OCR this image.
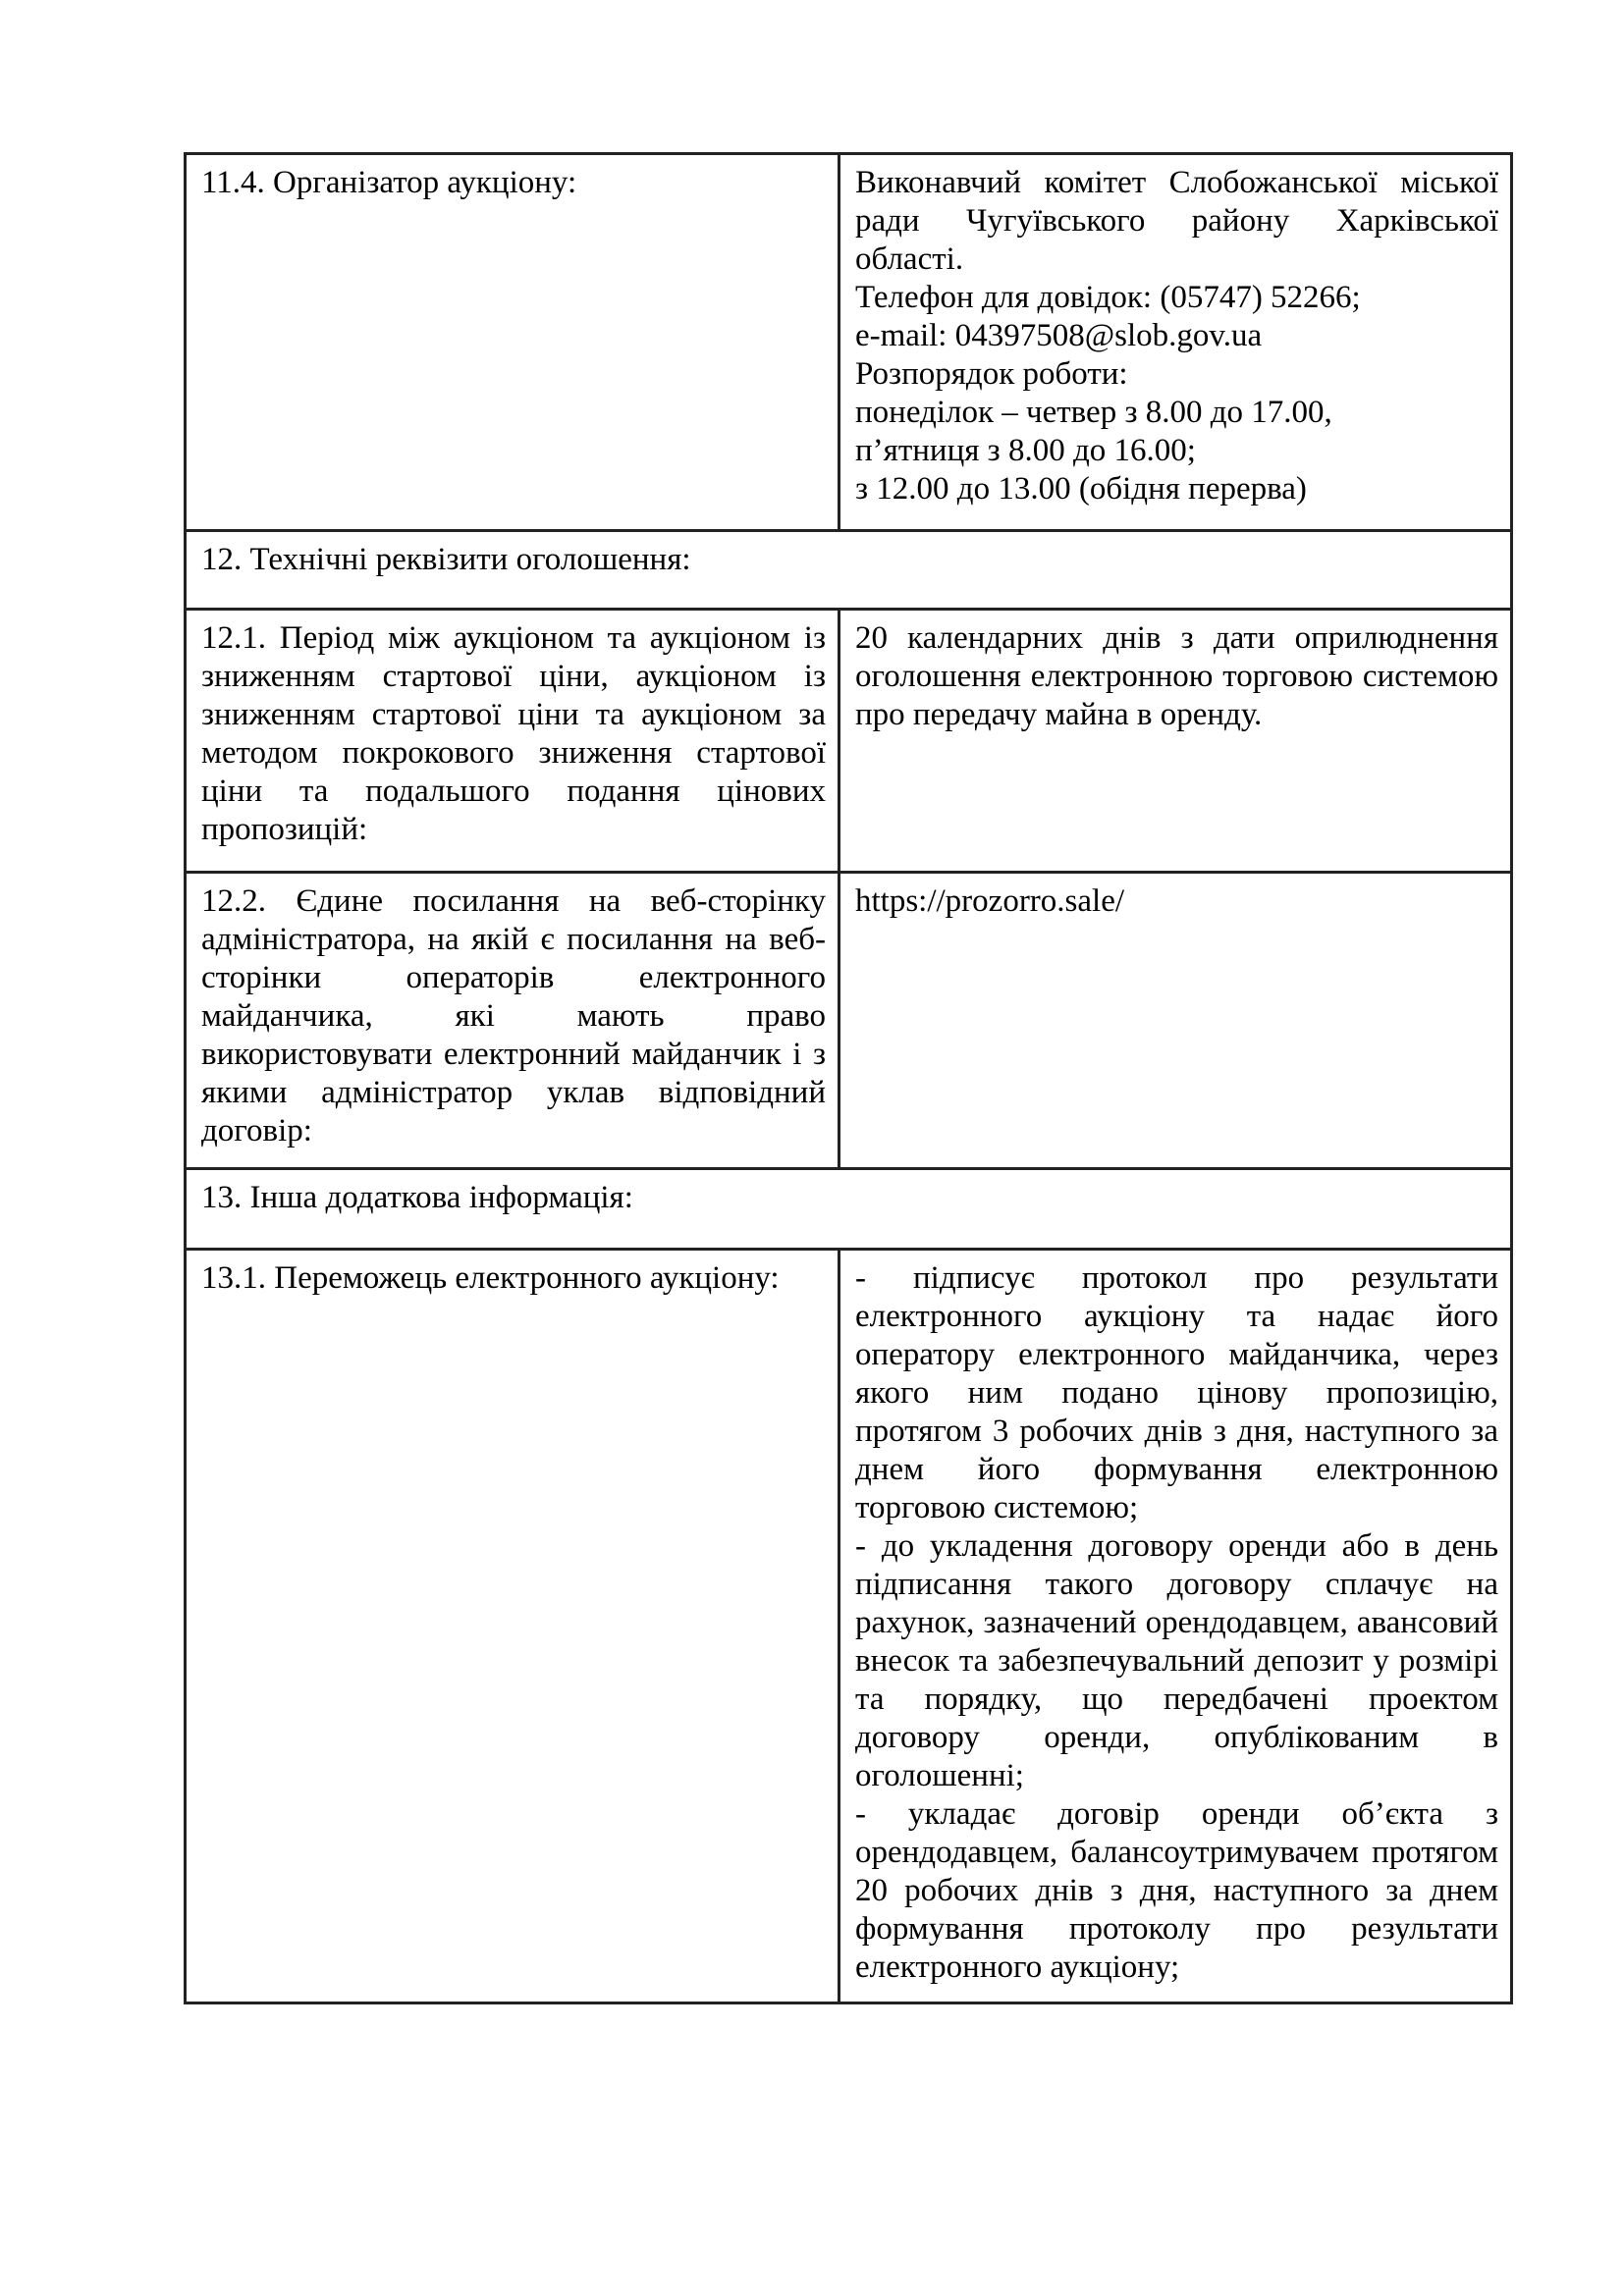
11.4. Організатор аукціону:	Виконавчий комітет Слобожанської міської ради Чугуївського району Харківської області.

Телефон для довідок: (05747) 52266;

e-mail: 04397508@slob.gov.ua

Розпорядок роботи:

понеділок – четвер з 8.00 до 17.00,

п’ятниця з 8.00 до 16.00;

з 12.00 до 13.00 (обідня перерва)

12. Технічні реквізити оголошення:	

12.1. Період між аукціоном та аукціоном із зниженням стартової ціни, аукціоном із зниженням стартової ціни та аукціоном за методом покрокового зниження стартової ціни та подальшого подання цінових пропозицій:	20 календарних днів з дати оприлюднення оголошення електронною торговою системою про передачу майна в оренду.

12.2. Єдине посилання на веб-сторінку адміністратора, на якій є посилання на веб-сторінки операторів електронного майданчика, які мають право використовувати електронний майданчик і з якими адміністратор уклав відповідний договір:	https://prozorro.sale/

13. Інша додаткова інформація:	

13.1. Переможець електронного аукціону:	- підписує протокол про результати електронного аукціону та надає його оператору електронного майданчика, через якого ним подано цінову пропозицію, протягом 3 робочих днів з дня, наступного за днем його формування електронною торговою системою;

- до укладення договору оренди або в день підписання такого договору сплачує на рахунок, зазначений орендодавцем, авансовий внесок та забезпечувальний депозит у розмірі та порядку, що передбачені проектом договору оренди, опублікованим в оголошенні;

- укладає договір оренди об’єкта з орендодавцем, балансоутримувачем протягом 20 робочих днів з дня, наступного за днем формування протоколу про результати електронного аукціону;
